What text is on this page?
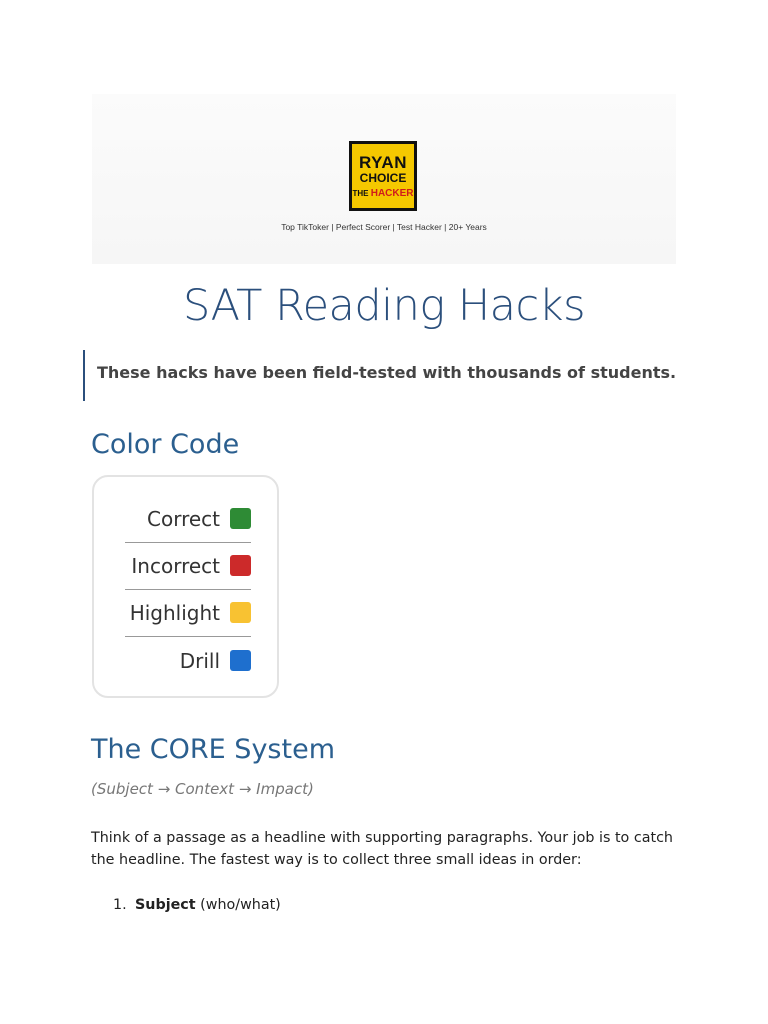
RYAN
CHOICE
THE HACKER
Top TikToker | Perfect Scorer | Test Hacker | 20+ Years
SAT Reading Hacks

These hacks have been field-tested with thousands of students.

Color Code
Correct
Incorrect
Highlight
Drill
The CORE System

(Subject → Context → Impact)

Think of a passage as a headline with supporting paragraphs. Your job is to catch the headline. The fastest way is to collect three small ideas in order:

1. Subject (who/what)
